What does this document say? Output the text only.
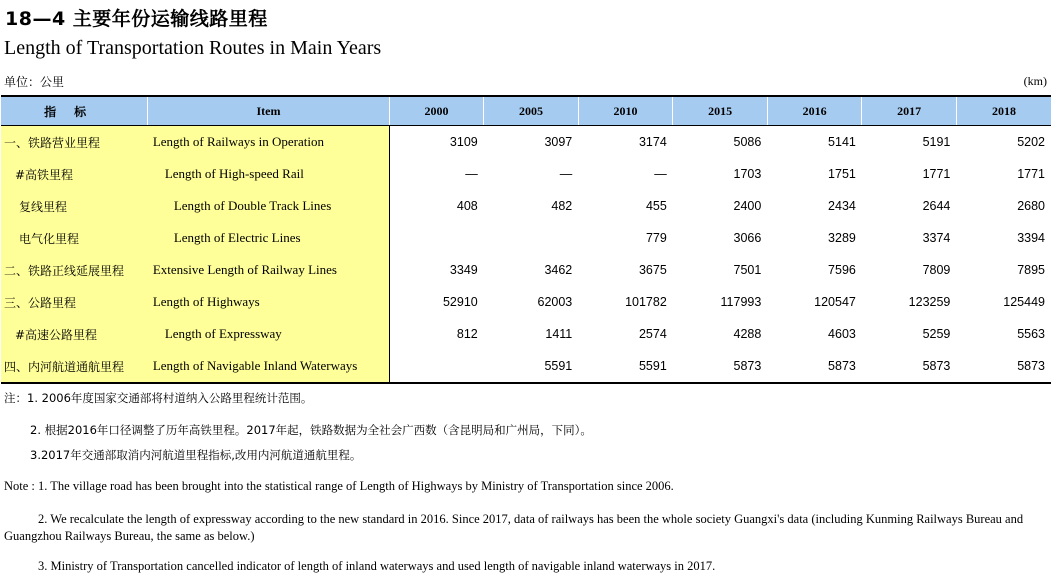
18—4 主要年份运输线路里程
Length of Transportation Routes in Main Years
单位：公里	(km)
指标	Item	2000	2005	2010	2015	2016	2017	2018
一、铁路营业里程	Length of Railways in Operation	3109	3097	3174	5086	5141	5191	5202
#高铁里程	Length of High-speed Rail	—	—	—	1703	1751	1771	1771
复线里程	Length of Double Track Lines	408	482	455	2400	2434	2644	2680
电气化里程	Length of Electric Lines			779	3066	3289	3374	3394
二、铁路正线延展里程	Extensive Length of Railway Lines	3349	3462	3675	7501	7596	7809	7895
三、公路里程	Length of Highways	52910	62003	101782	117993	120547	123259	125449
#高速公路里程	Length of Expressway	812	1411	2574	4288	4603	5259	5563
四、内河航道通航里程	Length of Navigable Inland Waterways		5591	5591	5873	5873	5873	5873
注：1. 2006年度国家交通部将村道纳入公路里程统计范围。
2. 根据2016年口径调整了历年高铁里程。2017年起，铁路数据为全社会广西数（含昆明局和广州局，下同）。
3.2017年交通部取消内河航道里程指标,改用内河航道通航里程。
Note : 1. The village road has been brought into the statistical range of Length of Highways by Ministry of Transportation since 2006.
2. We recalculate the length of expressway according to the new standard in 2016. Since 2017, data of railways has been the whole society Guangxi's data (including Kunming Railways Bureau and Guangzhou Railways Bureau, the same as below.)
3. Ministry of Transportation cancelled indicator of length of inland waterways and used length of navigable inland waterways in 2017.
